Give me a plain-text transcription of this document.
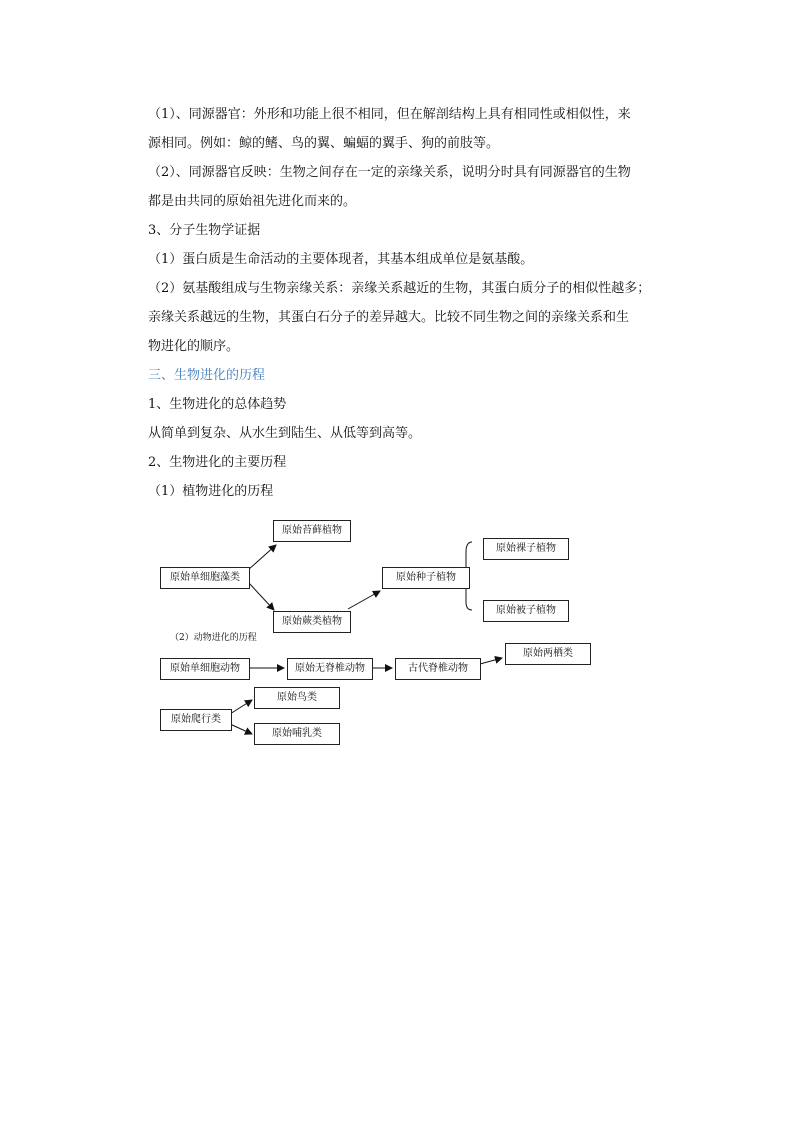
（1）、同源器官：外形和功能上很不相同，但在解剖结构上具有相同性或相似性，来
源相同。例如：鲸的鳍、鸟的翼、蝙蝠的翼手、狗的前肢等。
（2）、同源器官反映：生物之间存在一定的亲缘关系，说明分时具有同源器官的生物
都是由共同的原始祖先进化而来的。
3、分子生物学证据
（1）蛋白质是生命活动的主要体现者，其基本组成单位是氨基酸。
（2）氨基酸组成与生物亲缘关系：亲缘关系越近的生物，其蛋白质分子的相似性越多；
亲缘关系越远的生物，其蛋白石分子的差异越大。比较不同生物之间的亲缘关系和生
物进化的顺序。
三、生物进化的历程
1、生物进化的总体趋势
从简单到复杂、从水生到陆生、从低等到高等。
2、生物进化的主要历程
（1）植物进化的历程
原始单细胞藻类
原始苔藓植物
原始蕨类植物
原始种子植物
原始裸子植物
原始被子植物
（2）动物进化的历程
原始单细胞动物	原始无脊椎动物	古代脊椎动物
原始两栖类
原始爬行类
原始鸟类
原始哺乳类
